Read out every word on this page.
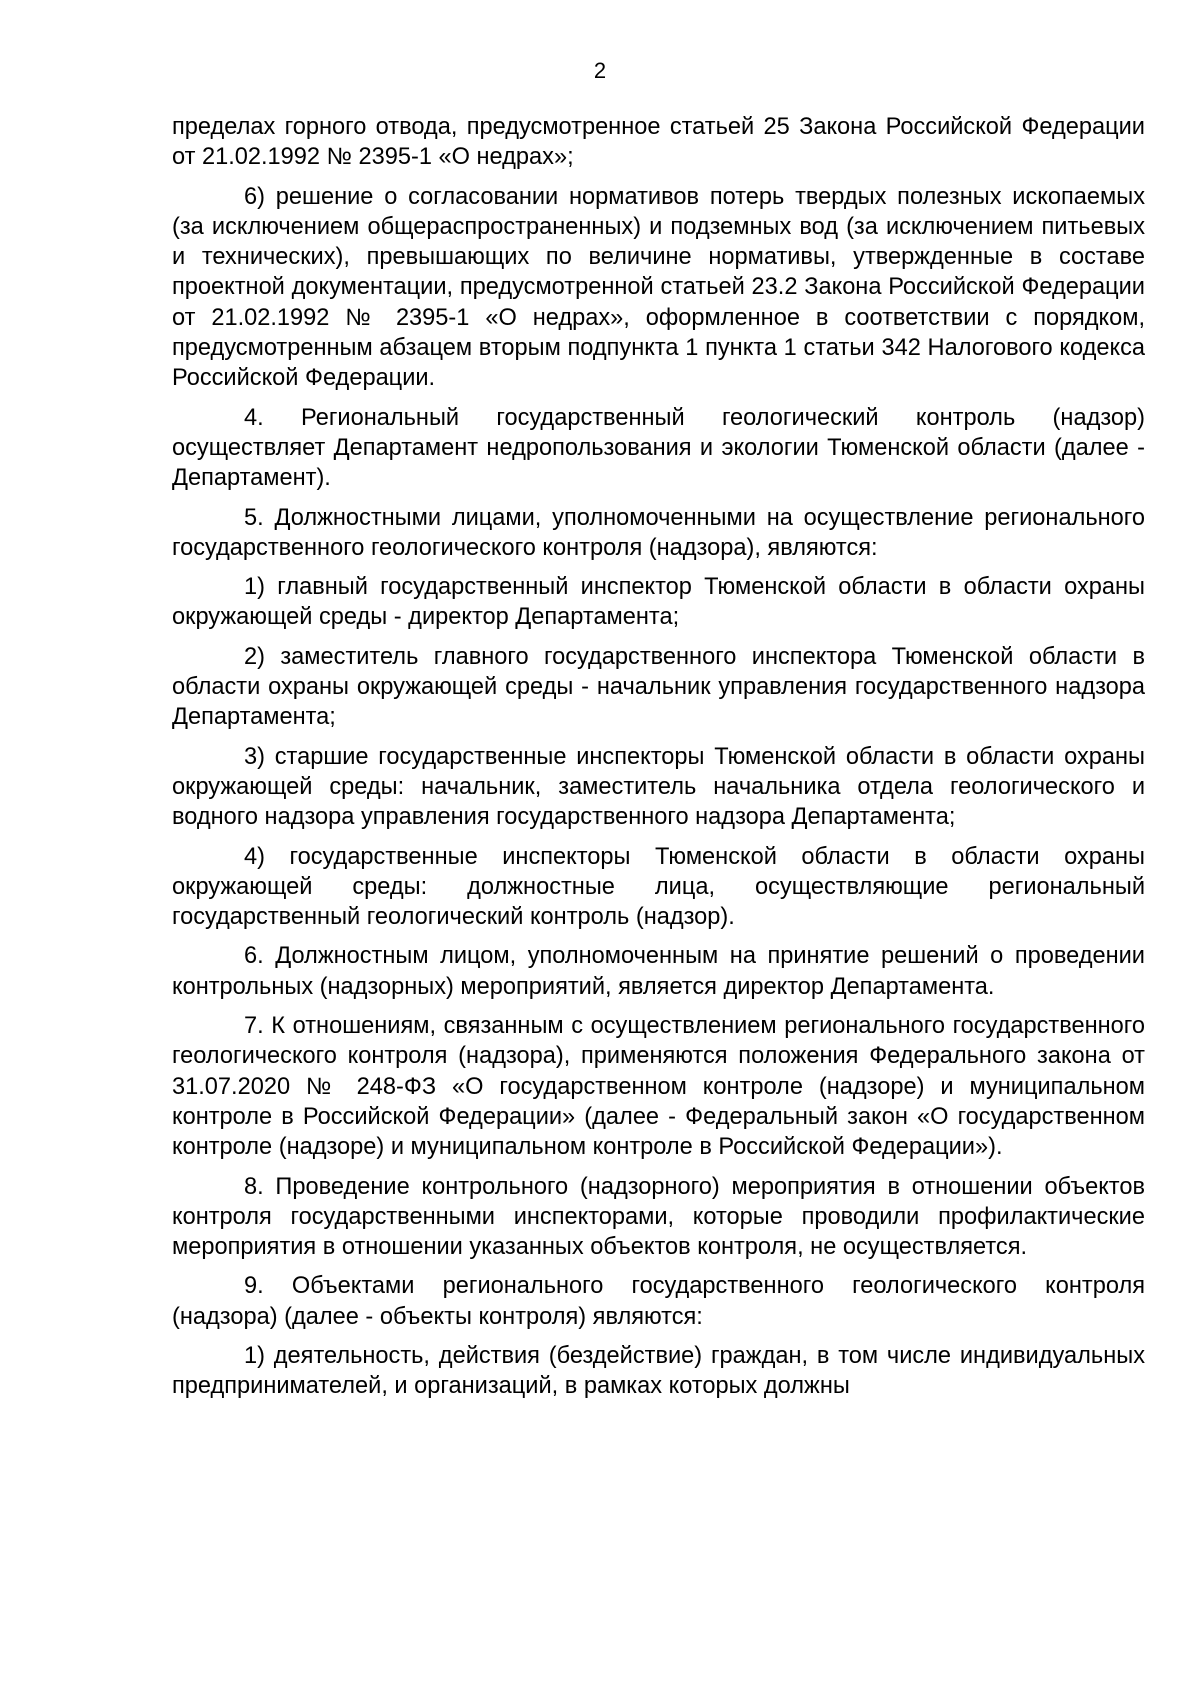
2

пределах горного отвода, предусмотренное статьей 25 Закона Российской Федерации от 21.02.1992 № 2395-1 «О недрах»;

6) решение о согласовании нормативов потерь твердых полезных ископаемых (за исключением общераспространенных) и подземных вод (за исключением питьевых и технических), превышающих по величине нормативы, утвержденные в составе проектной документации, предусмотренной статьей 23.2 Закона Российской Федерации от 21.02.1992 № 2395-1 «О недрах», оформленное в соответствии с порядком, предусмотренным абзацем вторым подпункта 1 пункта 1 статьи 342 Налогового кодекса Российской Федерации.

4. Региональный государственный геологический контроль (надзор) осуществляет Департамент недропользования и экологии Тюменской области (далее - Департамент).

5. Должностными лицами, уполномоченными на осуществление регионального государственного геологического контроля (надзора), являются:

1) главный государственный инспектор Тюменской области в области охраны окружающей среды - директор Департамента;

2) заместитель главного государственного инспектора Тюменской области в области охраны окружающей среды - начальник управления государственного надзора Департамента;

3) старшие государственные инспекторы Тюменской области в области охраны окружающей среды: начальник, заместитель начальника отдела геологического и водного надзора управления государственного надзора Департамента;

4) государственные инспекторы Тюменской области в области охраны окружающей среды: должностные лица, осуществляющие региональный государственный геологический контроль (надзор).

6. Должностным лицом, уполномоченным на принятие решений о проведении контрольных (надзорных) мероприятий, является директор Департамента.

7. К отношениям, связанным с осуществлением регионального государственного геологического контроля (надзора), применяются положения Федерального закона от 31.07.2020 № 248-ФЗ «О государственном контроле (надзоре) и муниципальном контроле в Российской Федерации» (далее - Федеральный закон «О государственном контроле (надзоре) и муниципальном контроле в Российской Федерации»).

8. Проведение контрольного (надзорного) мероприятия в отношении объектов контроля государственными инспекторами, которые проводили профилактические мероприятия в отношении указанных объектов контроля, не осуществляется.

9. Объектами регионального государственного геологического контроля (надзора) (далее - объекты контроля) являются:

1) деятельность, действия (бездействие) граждан, в том числе индивидуальных предпринимателей, и организаций, в рамках которых должны
